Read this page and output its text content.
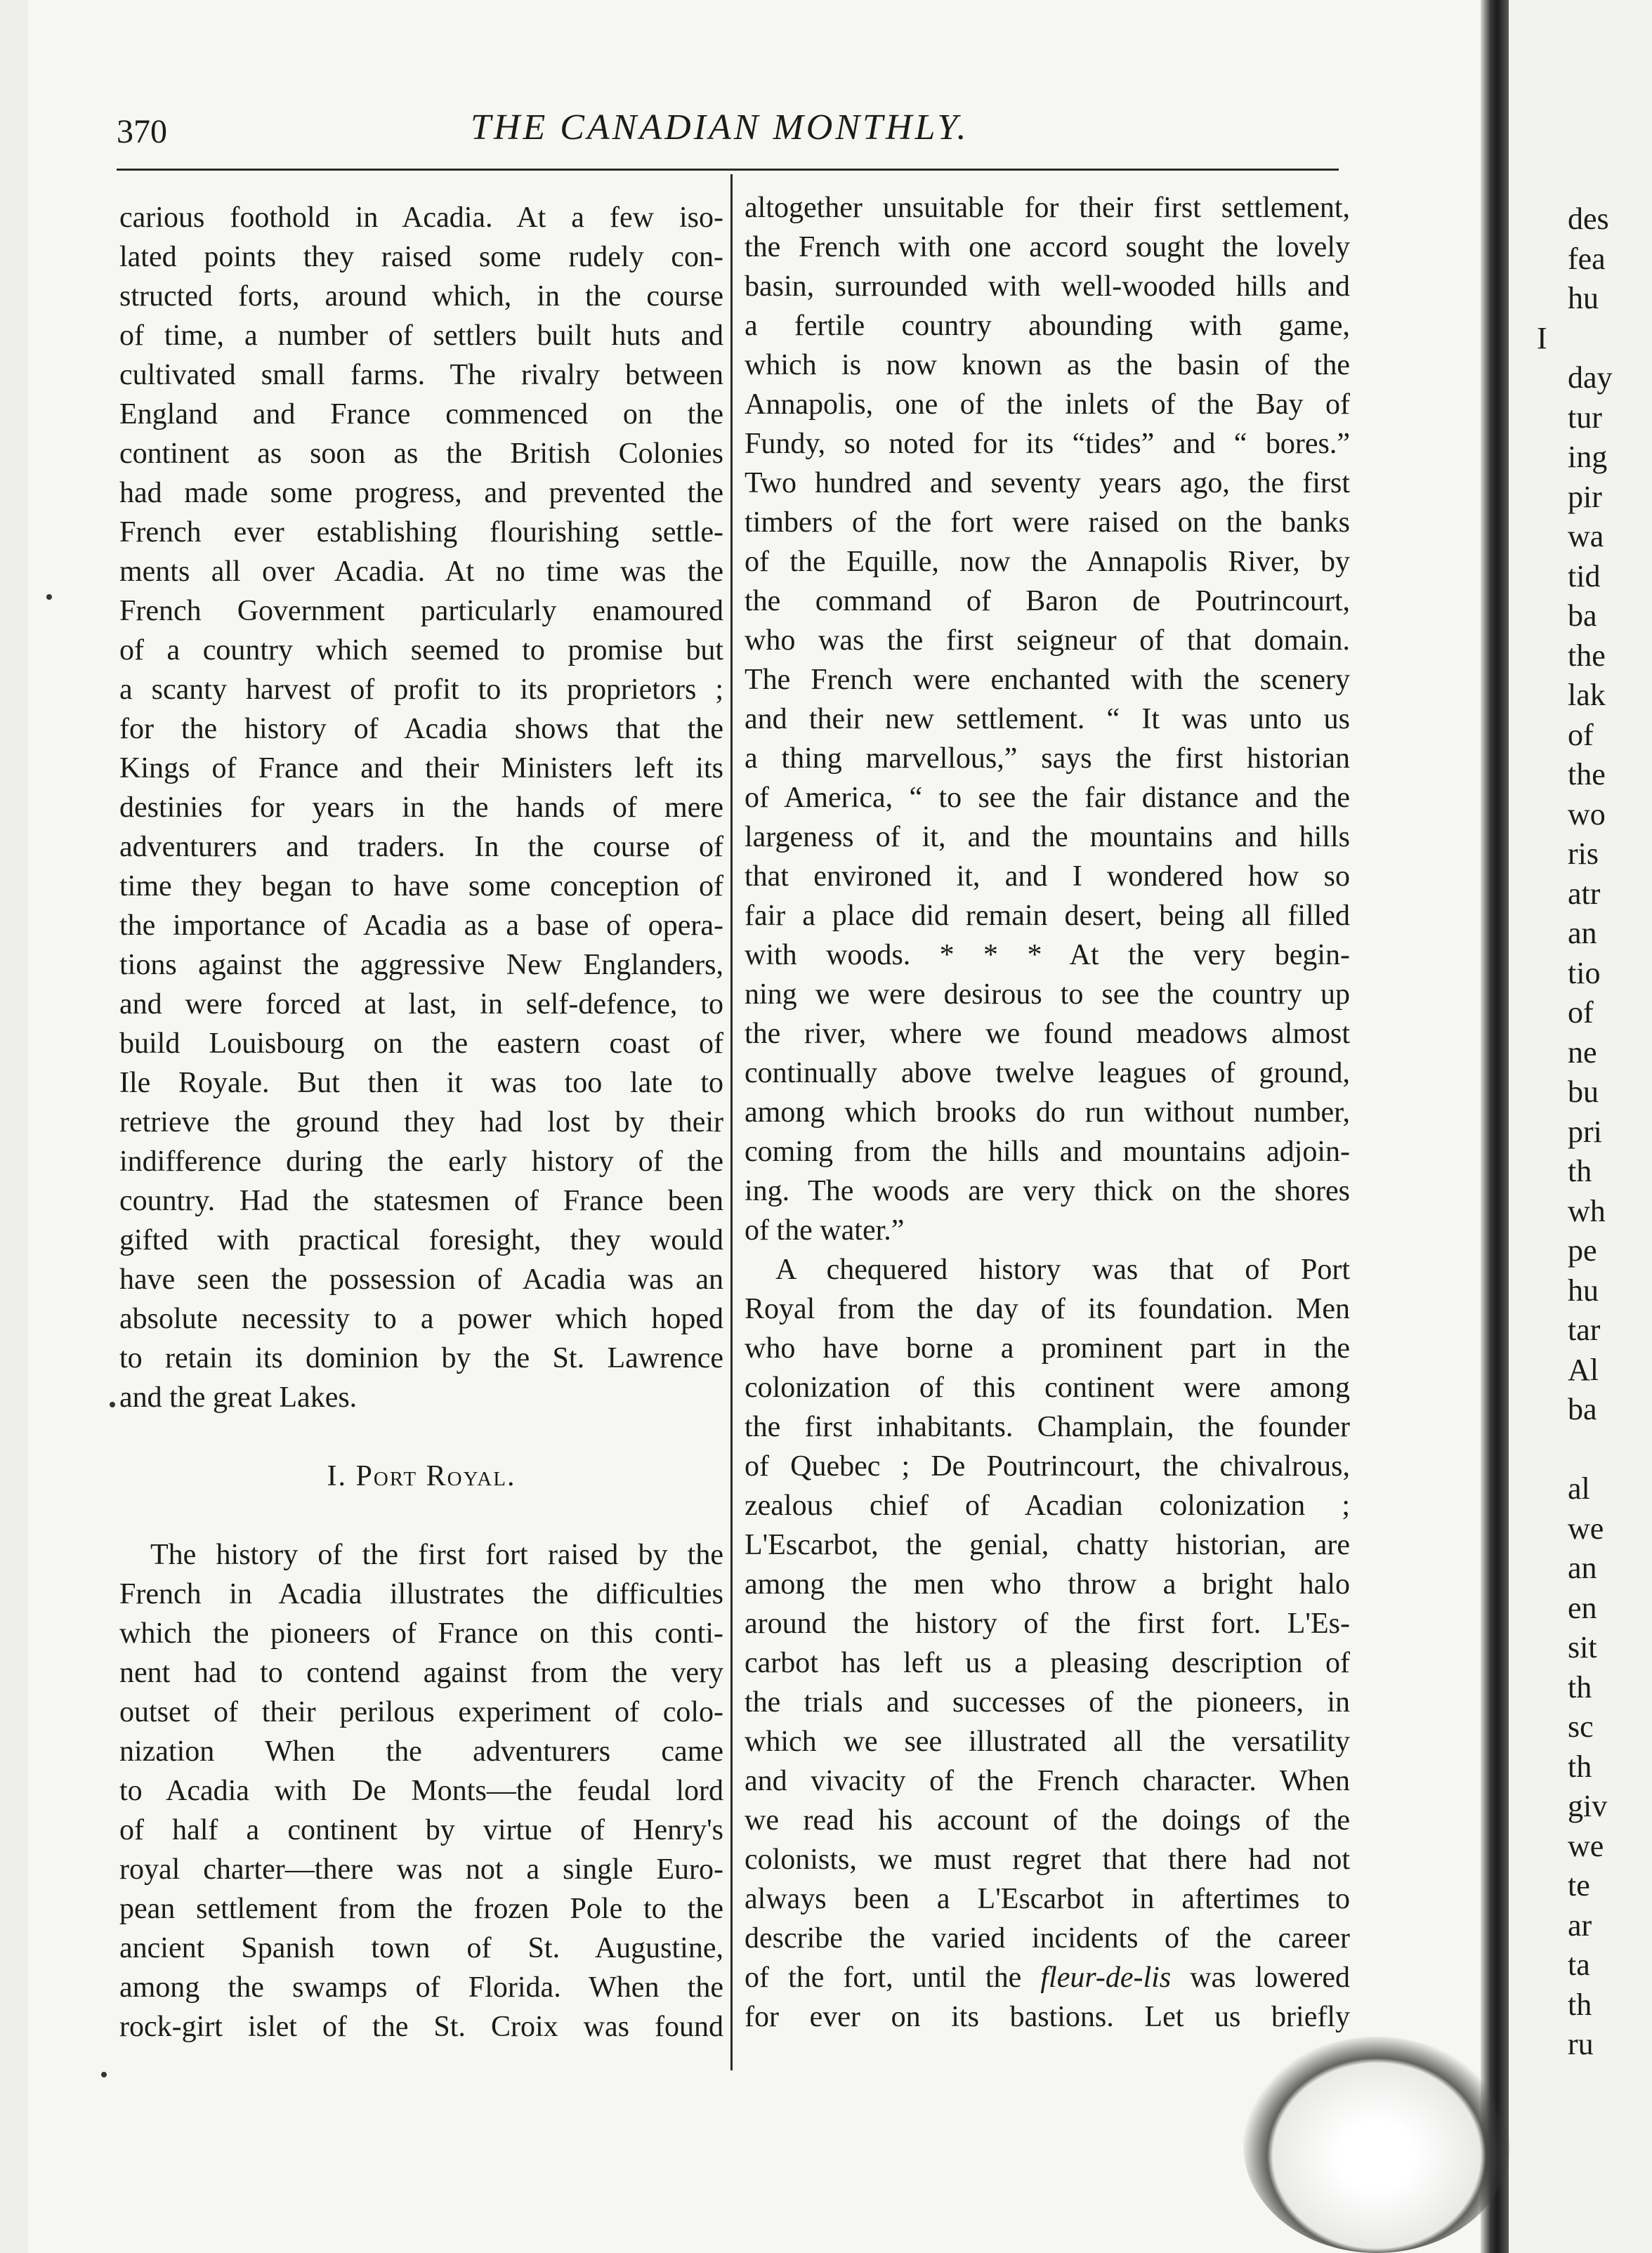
370	THE CANADIAN MONTHLY.
carious foothold in Acadia. At a few iso-
lated points they raised some rudely con-
structed forts, around which, in the course
of time, a number of settlers built huts and
cultivated small farms. The rivalry between
England and France commenced on the
continent as soon as the British Colonies
had made some progress, and prevented the
French ever establishing flourishing settle-
ments all over Acadia. At no time was the
French Government particularly enamoured
of a country which seemed to promise but
a scanty harvest of profit to its proprietors ;
for the history of Acadia shows that the
Kings of France and their Ministers left its
destinies for years in the hands of mere
adventurers and traders. In the course of
time they began to have some conception of
the importance of Acadia as a base of opera-
tions against the aggressive New Englanders,
and were forced at last, in self-defence, to
build Louisbourg on the eastern coast of
Ile Royale. But then it was too late to
retrieve the ground they had lost by their
indifference during the early history of the
country. Had the statesmen of France been
gifted with practical foresight, they would
have seen the possession of Acadia was an
absolute necessity to a power which hoped
to retain its dominion by the St. Lawrence
and the great Lakes.
I. Port Royal.
The history of the first fort raised by the
French in Acadia illustrates the difficulties
which the pioneers of France on this conti-
nent had to contend against from the very
outset of their perilous experiment of colo-
nization When the adventurers came
to Acadia with De Monts—the feudal lord
of half a continent by virtue of Henry's
royal charter—there was not a single Euro-
pean settlement from the frozen Pole to the
ancient Spanish town of St. Augustine,
among the swamps of Florida. When the
rock-girt islet of the St. Croix was found
altogether unsuitable for their first settlement,
the French with one accord sought the lovely
basin, surrounded with well-wooded hills and
a fertile country abounding with game,
which is now known as the basin of the
Annapolis, one of the inlets of the Bay of
Fundy, so noted for its “tides” and “ bores.”
Two hundred and seventy years ago, the first
timbers of the fort were raised on the banks
of the Equille, now the Annapolis River, by
the command of Baron de Poutrincourt,
who was the first seigneur of that domain.
The French were enchanted with the scenery
and their new settlement. “ It was unto us
a thing marvellous,” says the first historian
of America, “ to see the fair distance and the
largeness of it, and the mountains and hills
that environed it, and I wondered how so
fair a place did remain desert, being all filled
with woods. * * * At the very begin-
ning we were desirous to see the country up
the river, where we found meadows almost
continually above twelve leagues of ground,
among which brooks do run without number,
coming from the hills and mountains adjoin-
ing. The woods are very thick on the shores
of the water.”
A chequered history was that of Port
Royal from the day of its foundation. Men
who have borne a prominent part in the
colonization of this continent were among
the first inhabitants. Champlain, the founder
of Quebec ; De Poutrincourt, the chivalrous,
zealous chief of Acadian colonization ;
L'Escarbot, the genial, chatty historian, are
among the men who throw a bright halo
around the history of the first fort. L'Es-
carbot has left us a pleasing description of
the trials and successes of the pioneers, in
which we see illustrated all the versatility
and vivacity of the French character. When
we read his account of the doings of the
colonists, we must regret that there had not
always been a L'Escarbot in aftertimes to
describe the varied incidents of the career
of the fort, until the fleur-de-lis was lowered
for ever on its bastions. Let us briefly
des
fea
hu
I
day
tur
ing
pir
wa
tid
ba
the
lak
of
the
wo
ris
atr
an
tio
of
ne
bu
pri
th
wh
pe
hu
tar
Al
ba
al
we
an
en
sit
th
sc
th
giv
we
te
ar
ta
th
ru
